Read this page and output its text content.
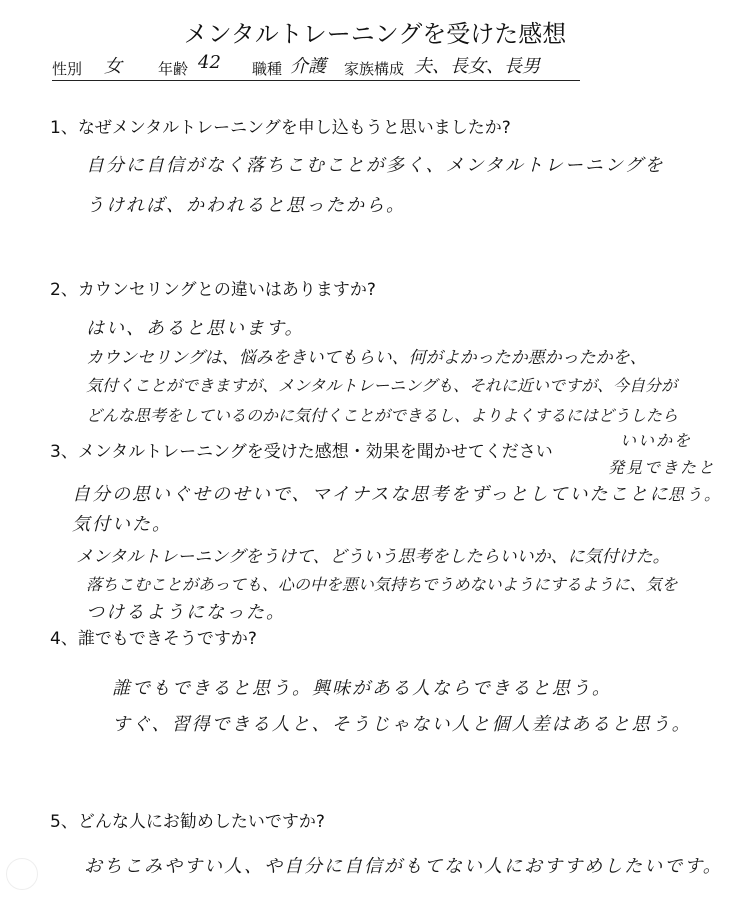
メンタルトレーニングを受けた感想
性別 女 年齢 42 職種 介護 家族構成 夫、長女、長男
1、なぜメンタルトレーニングを申し込もうと思いましたか?
自分に自信がなく落ちこむことが多く、メンタルトレーニングを
うければ、かわれると思ったから。
2、カウンセリングとの違いはありますか?
はい、あると思います。
カウンセリングは、悩みをきいてもらい、何がよかったか悪かったかを、
気付くことができますが、メンタルトレーニングも、それに近いですが、今自分が
どんな思考をしているのかに気付くことができるし、よりよくするにはどうしたら
いいかを
発見できたと
思う。
3、メンタルトレーニングを受けた感想・効果を聞かせてください
自分の思いぐせのせいで、マイナスな思考をずっとしていたことに
気付いた。
メンタルトレーニングをうけて、どういう思考をしたらいいか、に気付けた。
落ちこむことがあっても、心の中を悪い気持ちでうめないようにするように、気を
つけるようになった。
4、誰でもできそうですか?
誰でもできると思う。興味がある人ならできると思う。
すぐ、習得できる人と、そうじゃない人と個人差はあると思う。
5、どんな人にお勧めしたいですか?
おちこみやすい人、や自分に自信がもてない人におすすめしたいです。
